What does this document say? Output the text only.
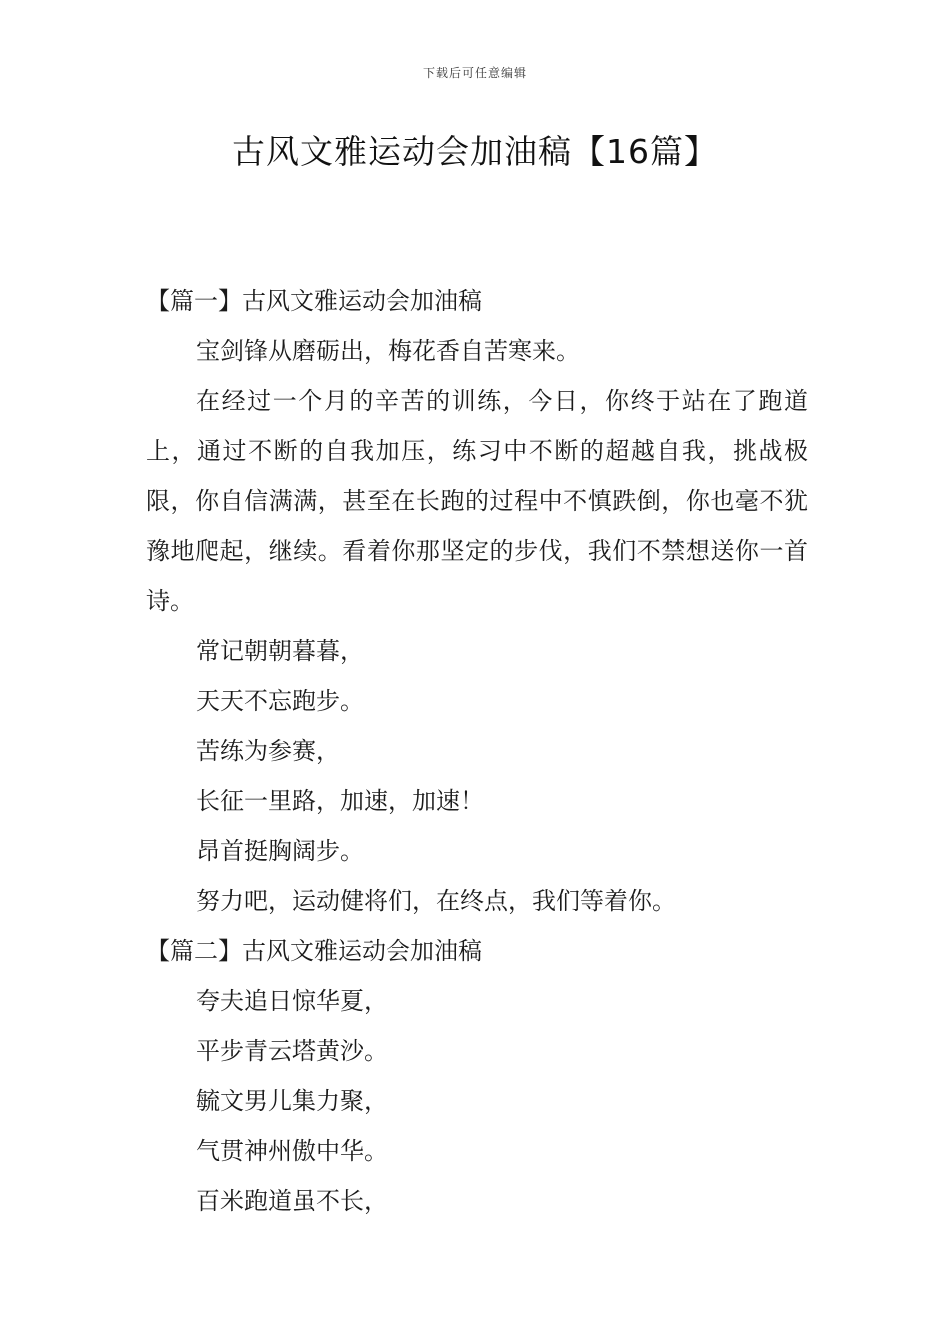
下载后可任意编辑
古风文雅运动会加油稿【16篇】

【篇一】古风文雅运动会加油稿

宝剑锋从磨砺出，梅花香自苦寒来。

在经过一个月的辛苦的训练，今日，你终于站在了跑道上，通过不断的自我加压，练习中不断的超越自我，挑战极限，你自信满满，甚至在长跑的过程中不慎跌倒，你也毫不犹豫地爬起，继续。看着你那坚定的步伐，我们不禁想送你一首诗。

常记朝朝暮暮，

天天不忘跑步。

苦练为参赛，

长征一里路，加速，加速！

昂首挺胸阔步。

努力吧，运动健将们，在终点，我们等着你。

【篇二】古风文雅运动会加油稿

夸夫追日惊华夏，

平步青云塔黄沙。

毓文男儿集力聚，

气贯神州傲中华。

百米跑道虽不长，
